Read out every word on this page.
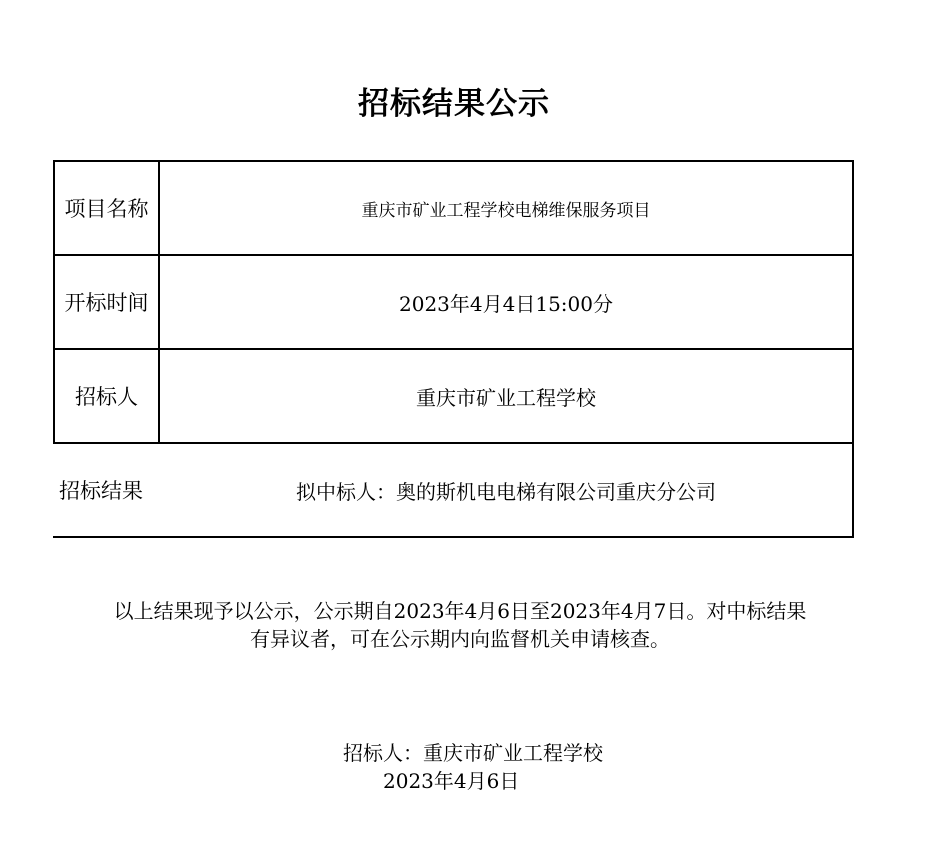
招标结果公示
项目名称	重庆市矿业工程学校电梯维保服务项目
开标时间	2023年4月4日15:00分
招标人	重庆市矿业工程学校
招标结果	拟中标人：奥的斯机电电梯有限公司重庆分公司
以上结果现予以公示，公示期自2023年4月6日至2023年4月7日。对中标结果
有异议者，可在公示期内向监督机关申请核查。
招标人：重庆市矿业工程学校
2023年4月6日
